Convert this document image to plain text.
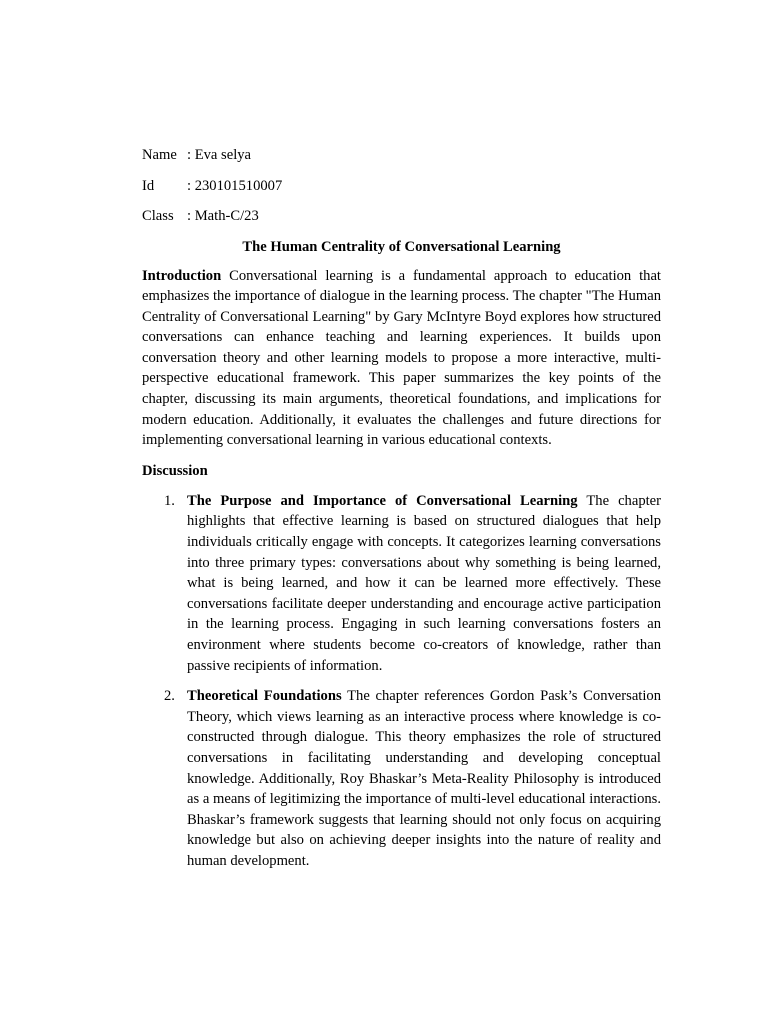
Name : Eva selya
Id	: 230101510007
Class : Math-C/23
The Human Centrality of Conversational Learning

Introduction Conversational learning is a fundamental approach to education that emphasizes the importance of dialogue in the learning process. The chapter "The Human Centrality of Conversational Learning" by Gary McIntyre Boyd explores how structured conversations can enhance teaching and learning experiences. It builds upon conversation theory and other learning models to propose a more interactive, multi-perspective educational framework. This paper summarizes the key points of the chapter, discussing its main arguments, theoretical foundations, and implications for modern education. Additionally, it evaluates the challenges and future directions for implementing conversational learning in various educational contexts.

Discussion
1. The Purpose and Importance of Conversational Learning The chapter highlights that effective learning is based on structured dialogues that help individuals critically engage with concepts. It categorizes learning conversations into three primary types: conversations about why something is being learned, what is being learned, and how it can be learned more effectively. These conversations facilitate deeper understanding and encourage active participation in the learning process. Engaging in such learning conversations fosters an environment where students become co-creators of knowledge, rather than passive recipients of information.
2. Theoretical Foundations The chapter references Gordon Pask’s Conversation Theory, which views learning as an interactive process where knowledge is co-constructed through dialogue. This theory emphasizes the role of structured conversations in facilitating understanding and developing conceptual knowledge. Additionally, Roy Bhaskar’s Meta-Reality Philosophy is introduced as a means of legitimizing the importance of multi-level educational interactions. Bhaskar’s framework suggests that learning should not only focus on acquiring knowledge but also on achieving deeper insights into the nature of reality and human development.
